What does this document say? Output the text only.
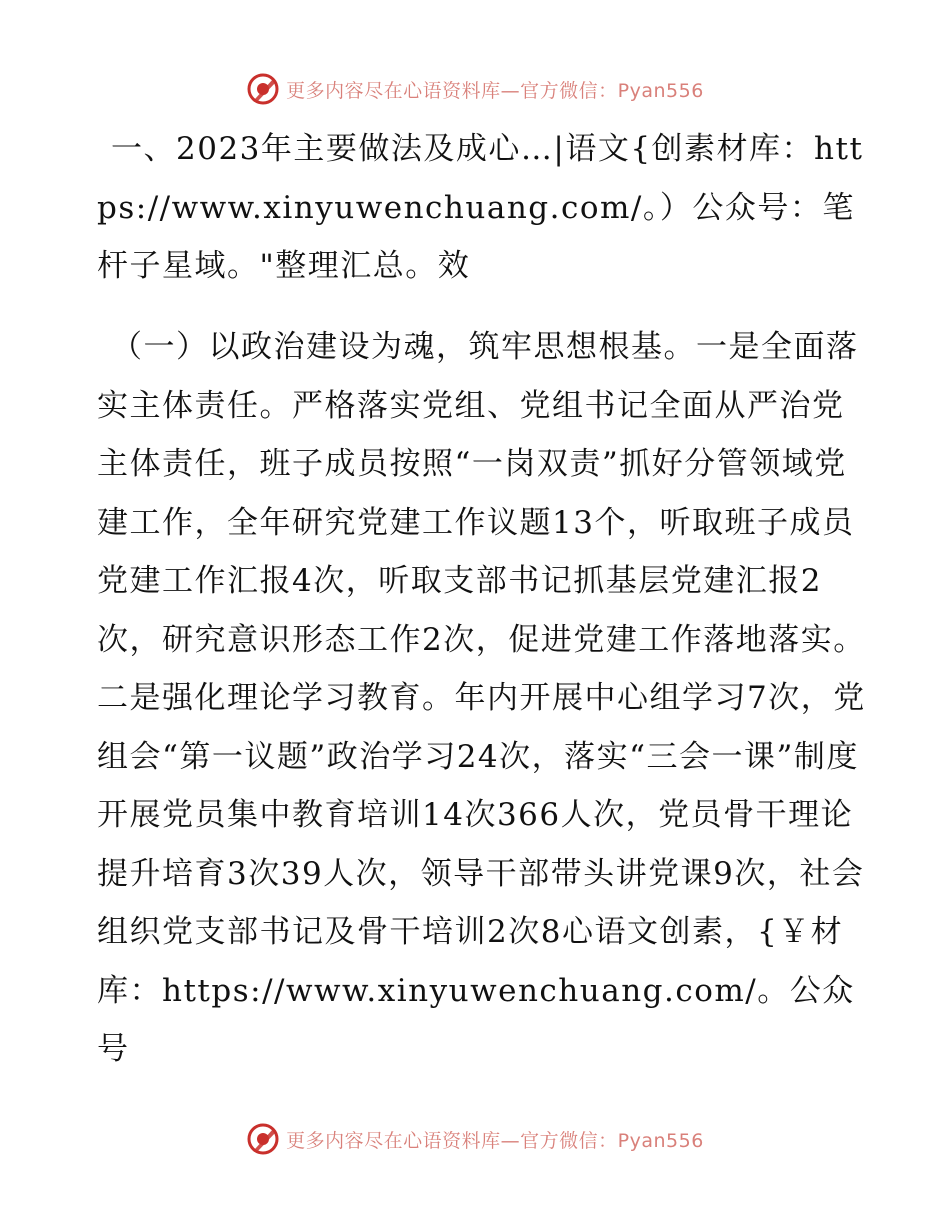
更多内容尽在心语资料库—官方微信：Pyan556

一、2023年主要做法及成心…|语文{创素材库：https://www.xinyuwenchuang.com/。）公众号：笔杆子星域。"整理汇总。效

（一）以政治建设为魂，筑牢思想根基。一是全面落实主体责任。严格落实党组、党组书记全面从严治党主体责任，班子成员按照“一岗双责”抓好分管领域党建工作，全年研究党建工作议题13个，听取班子成员党建工作汇报4次，听取支部书记抓基层党建汇报2次，研究意识形态工作2次，促进党建工作落地落实。二是强化理论学习教育。年内开展中心组学习7次，党组会“第一议题”政治学习24次，落实“三会一课”制度开展党员集中教育培训14次366人次，党员骨干理论提升培育3次39人次，领导干部带头讲党课9次，社会组织党支部书记及骨干培训2次8心语文创素，{￥材库：https://www.xinyuwenchuang.com/。公众号

更多内容尽在心语资料库—官方微信：Pyan556
